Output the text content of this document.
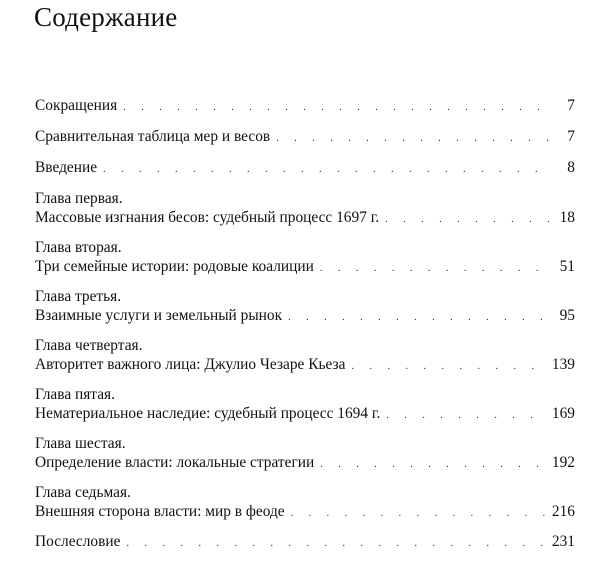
Содержание
Сокращения . . .	7
Сравнительная таблица мер и весов . . .	7
Введение . . .	8
Глава первая.
Массовые изгнания бесов: судебный процесс 1697 г. . . .	18
Глава вторая.
Три семейные истории: родовые коалиции . . .	51
Глава третья.
Взаимные услуги и земельный рынок . . .	95
Глава четвертая.
Авторитет важного лица: Джулио Чезаре Кьеза . . .	139
Глава пятая.
Нематериальное наследие: судебный процесс 1694 г. . . .	169
Глава шестая.
Определение власти: локальные стратегии . . .	192
Глава седьмая.
Внешняя сторона власти: мир в феоде . . .	216
Послесловие . . .	231
